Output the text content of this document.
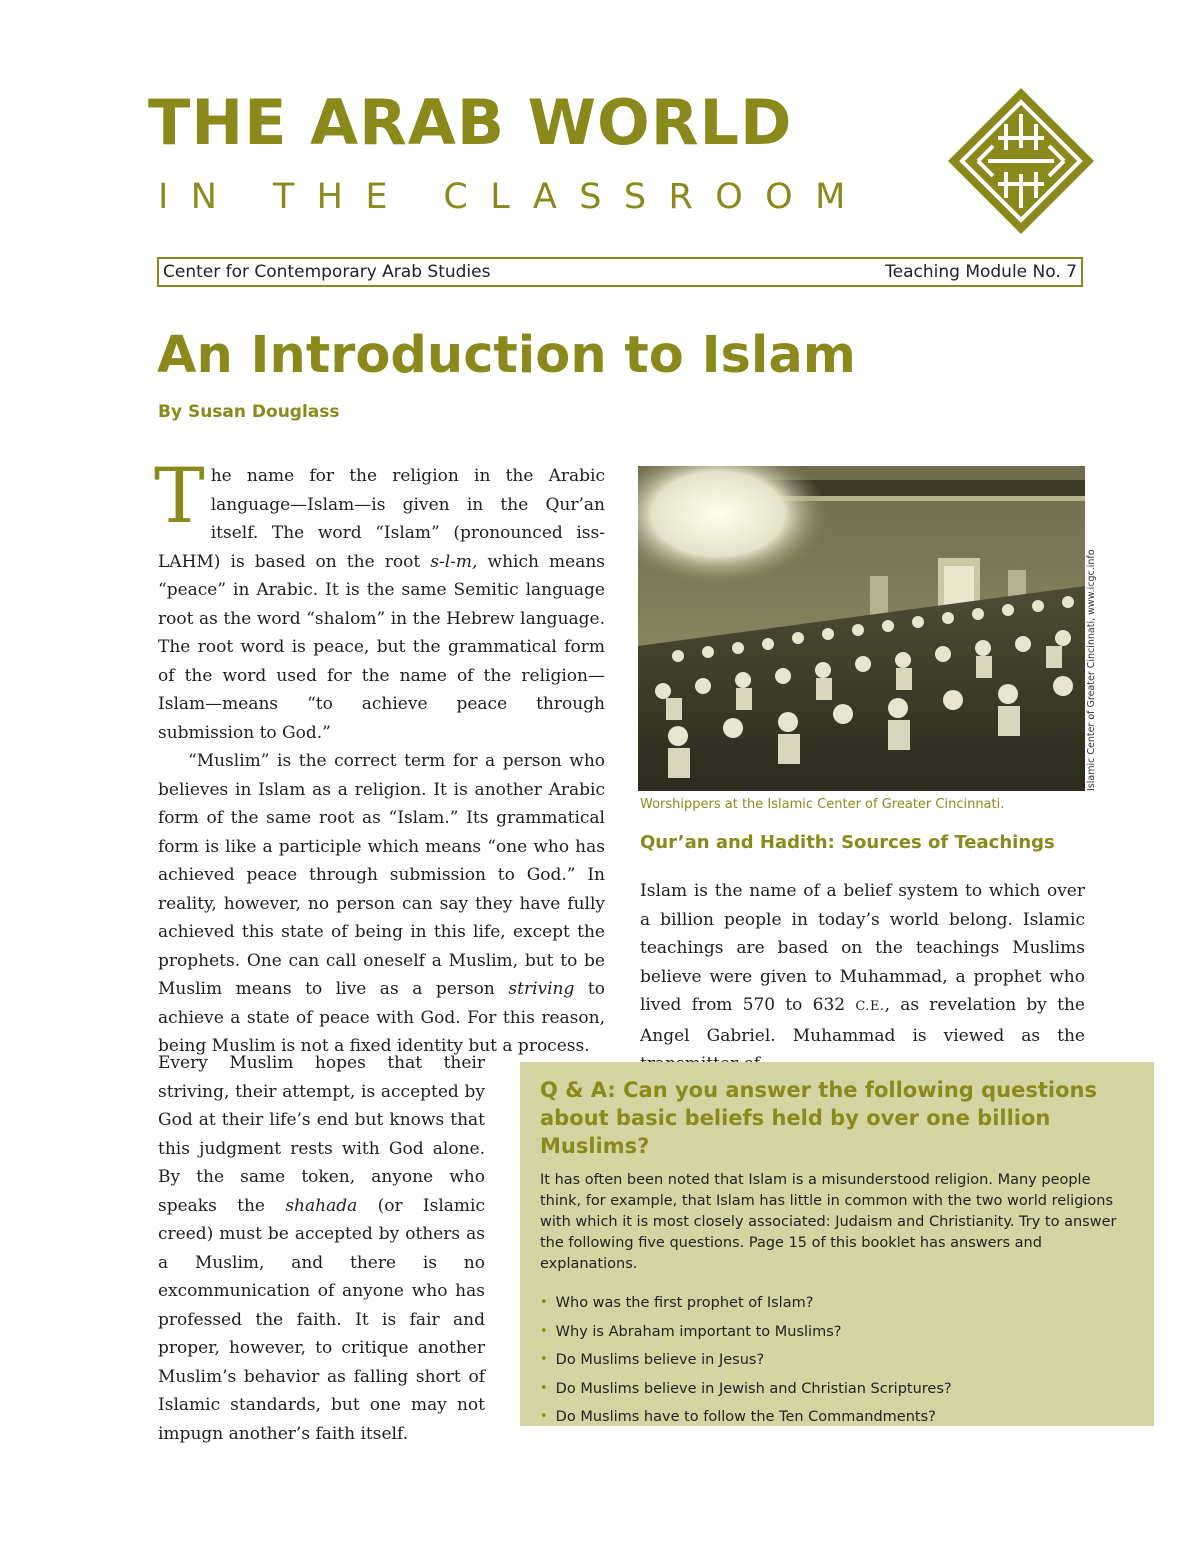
THE ARAB WORLD
IN THE CLASSROOM
Center for Contemporary Arab Studies	Teaching Module No. 7
An Introduction to Islam
By Susan Douglass

The name for the religion in the Arabic language—Islam—is given in the Qur’an itself. The word “Islam” (pronounced iss-LAHM) is based on the root s-l-m, which means “peace” in Arabic. It is the same Semitic language root as the word “shalom” in the Hebrew language. The root word is peace, but the grammatical form of the word used for the name of the religion—Islam—means “to achieve peace through submission to God.”

“Muslim” is the correct term for a person who believes in Islam as a religion. It is another Arabic form of the same root as “Islam.” Its grammatical form is like a participle which means “one who has achieved peace through submission to God.” In reality, however, no person can say they have fully achieved this state of being in this life, except the prophets. One can call oneself a Muslim, but to be Muslim means to live as a person striving to achieve a state of peace with God. For this reason, being Muslim is not a fixed identity but a process.

Every Muslim hopes that their striving, their attempt, is accepted by God at their life’s end but knows that this judgment rests with God alone. By the same token, anyone who speaks the shahada (or Islamic creed) must be accepted by others as a Muslim, and there is no excommunication of anyone who has professed the faith. It is fair and proper, however, to critique another Muslim’s behavior as falling short of Islamic standards, but one may not impugn another’s faith itself.

Islamic Center of Greater Cincinnati, www.icgc.info
Worshippers at the Islamic Center of Greater Cincinnati.
Qur’an and Hadith: Sources of Teachings

Islam is the name of a belief system to which over a billion people in today’s world belong. Islamic teachings are based on the teachings Muslims believe were given to Muhammad, a prophet who lived from 570 to 632 C.E., as revelation by the Angel Gabriel. Muhammad is viewed as the

Q & A: Can you answer the following questions about basic beliefs held by over one billion Muslims?

It has often been noted that Islam is a misunderstood religion. Many people think, for example, that Islam has little in common with the two world religions with which it is most closely associated: Judaism and Christianity. Try to answer the following five questions. Page 15 of this booklet has answers and explanations.

• Who was the first prophet of Islam?
• Why is Abraham important to Muslims?
• Do Muslims believe in Jesus?
• Do Muslims believe in Jewish and Christian Scriptures?
• Do Muslims have to follow the Ten Commandments?
